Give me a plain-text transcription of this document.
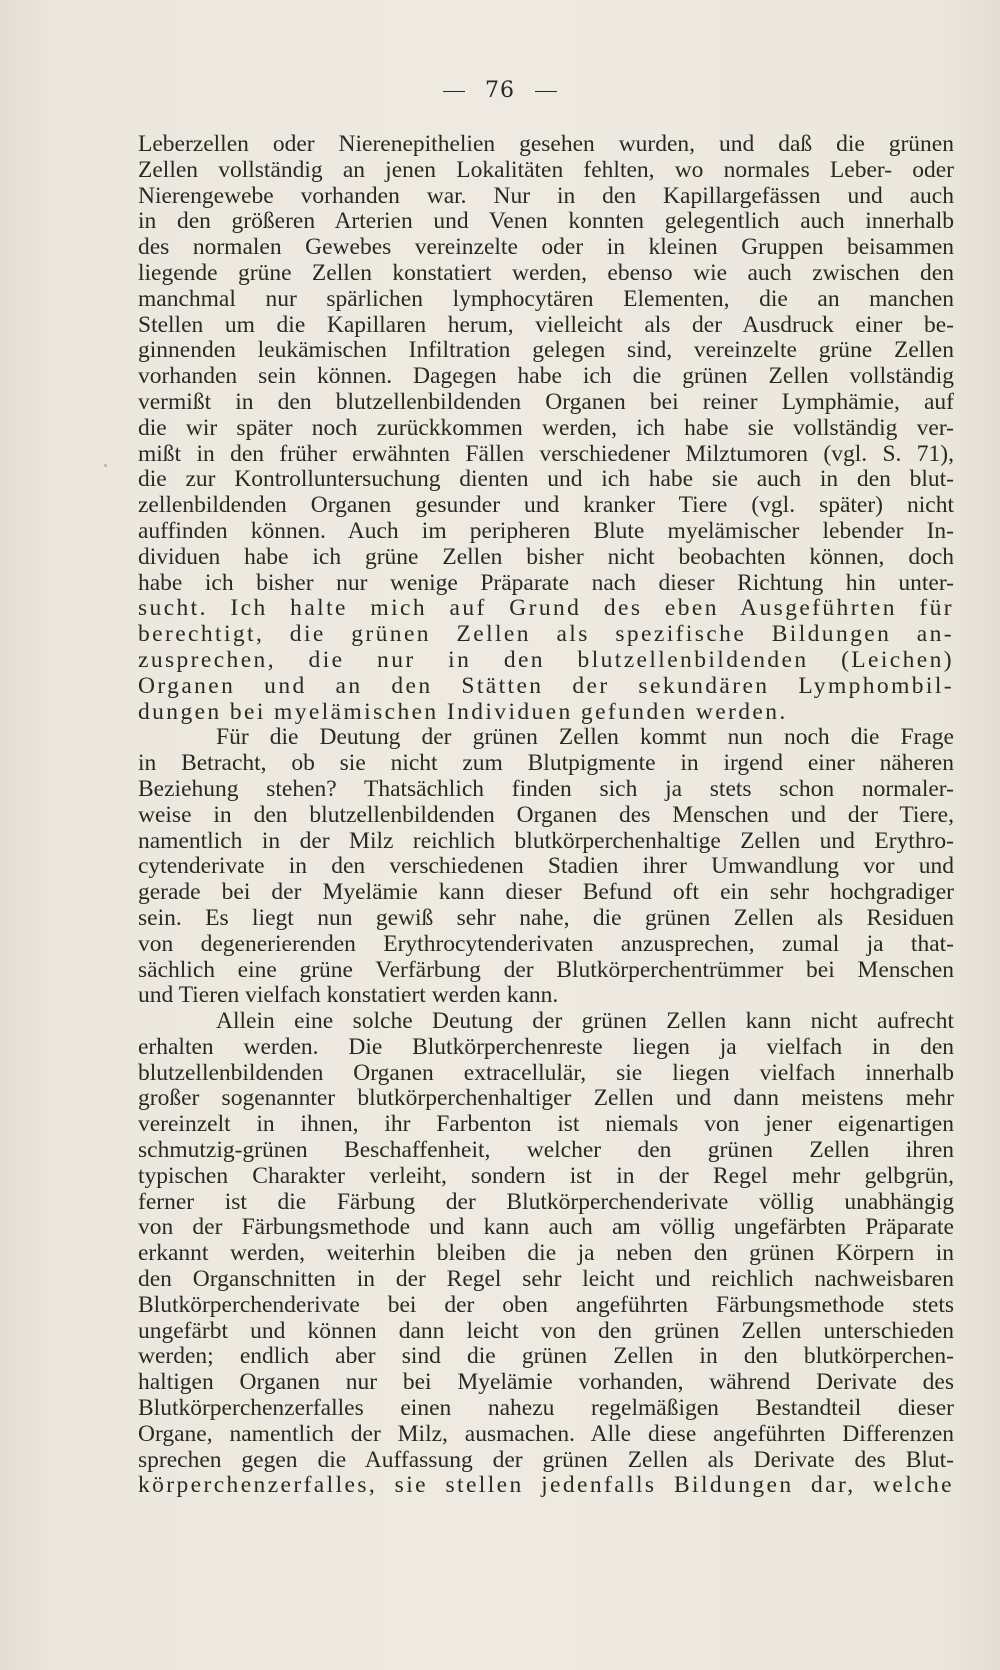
76
Leberzellen oder Nierenepithelien gesehen wurden, und daß die grünen
Zellen vollständig an jenen Lokalitäten fehlten, wo normales Leber- oder
Nierengewebe vorhanden war. Nur in den Kapillargefässen und auch
in den größeren Arterien und Venen konnten gelegentlich auch innerhalb
des normalen Gewebes vereinzelte oder in kleinen Gruppen beisammen
liegende grüne Zellen konstatiert werden, ebenso wie auch zwischen den
manchmal nur spärlichen lymphocytären Elementen, die an manchen
Stellen um die Kapillaren herum, vielleicht als der Ausdruck einer be-
ginnenden leukämischen Infiltration gelegen sind, vereinzelte grüne Zellen
vorhanden sein können. Dagegen habe ich die grünen Zellen vollständig
vermißt in den blutzellenbildenden Organen bei reiner Lymphämie, auf
die wir später noch zurückkommen werden, ich habe sie vollständig ver-
mißt in den früher erwähnten Fällen verschiedener Milztumoren (vgl. S. 71),
die zur Kontrolluntersuchung dienten und ich habe sie auch in den blut-
zellenbildenden Organen gesunder und kranker Tiere (vgl. später) nicht
auffinden können. Auch im peripheren Blute myelämischer lebender In-
dividuen habe ich grüne Zellen bisher nicht beobachten können, doch
habe ich bisher nur wenige Präparate nach dieser Richtung hin unter-
sucht. Ich halte mich auf Grund des eben Ausgeführten für
berechtigt, die grünen Zellen als spezifische Bildungen an-
zusprechen, die nur in den blutzellenbildenden (Leichen)
Organen und an den Stätten der sekundären Lymphombil-
dungen bei myelämischen Individuen gefunden werden.
Für die Deutung der grünen Zellen kommt nun noch die Frage
in Betracht, ob sie nicht zum Blutpigmente in irgend einer näheren
Beziehung stehen? Thatsächlich finden sich ja stets schon normaler-
weise in den blutzellenbildenden Organen des Menschen und der Tiere,
namentlich in der Milz reichlich blutkörperchenhaltige Zellen und Erythro-
cytenderivate in den verschiedenen Stadien ihrer Umwandlung vor und
gerade bei der Myelämie kann dieser Befund oft ein sehr hochgradiger
sein. Es liegt nun gewiß sehr nahe, die grünen Zellen als Residuen
von degenerierenden Erythrocytenderivaten anzusprechen, zumal ja that-
sächlich eine grüne Verfärbung der Blutkörperchentrümmer bei Menschen
und Tieren vielfach konstatiert werden kann.
Allein eine solche Deutung der grünen Zellen kann nicht aufrecht
erhalten werden. Die Blutkörperchenreste liegen ja vielfach in den
blutzellenbildenden Organen extracellulär, sie liegen vielfach innerhalb
großer sogenannter blutkörperchenhaltiger Zellen und dann meistens mehr
vereinzelt in ihnen, ihr Farbenton ist niemals von jener eigenartigen
schmutzig-grünen Beschaffenheit, welcher den grünen Zellen ihren
typischen Charakter verleiht, sondern ist in der Regel mehr gelbgrün,
ferner ist die Färbung der Blutkörperchenderivate völlig unabhängig
von der Färbungsmethode und kann auch am völlig ungefärbten Präparate
erkannt werden, weiterhin bleiben die ja neben den grünen Körpern in
den Organschnitten in der Regel sehr leicht und reichlich nachweisbaren
Blutkörperchenderivate bei der oben angeführten Färbungsmethode stets
ungefärbt und können dann leicht von den grünen Zellen unterschieden
werden; endlich aber sind die grünen Zellen in den blutkörperchen-
haltigen Organen nur bei Myelämie vorhanden, während Derivate des
Blutkörperchenzerfalles einen nahezu regelmäßigen Bestandteil dieser
Organe, namentlich der Milz, ausmachen. Alle diese angeführten Differenzen
sprechen gegen die Auffassung der grünen Zellen als Derivate des Blut-
körperchenzerfalles, sie stellen jedenfalls Bildungen dar, welche
